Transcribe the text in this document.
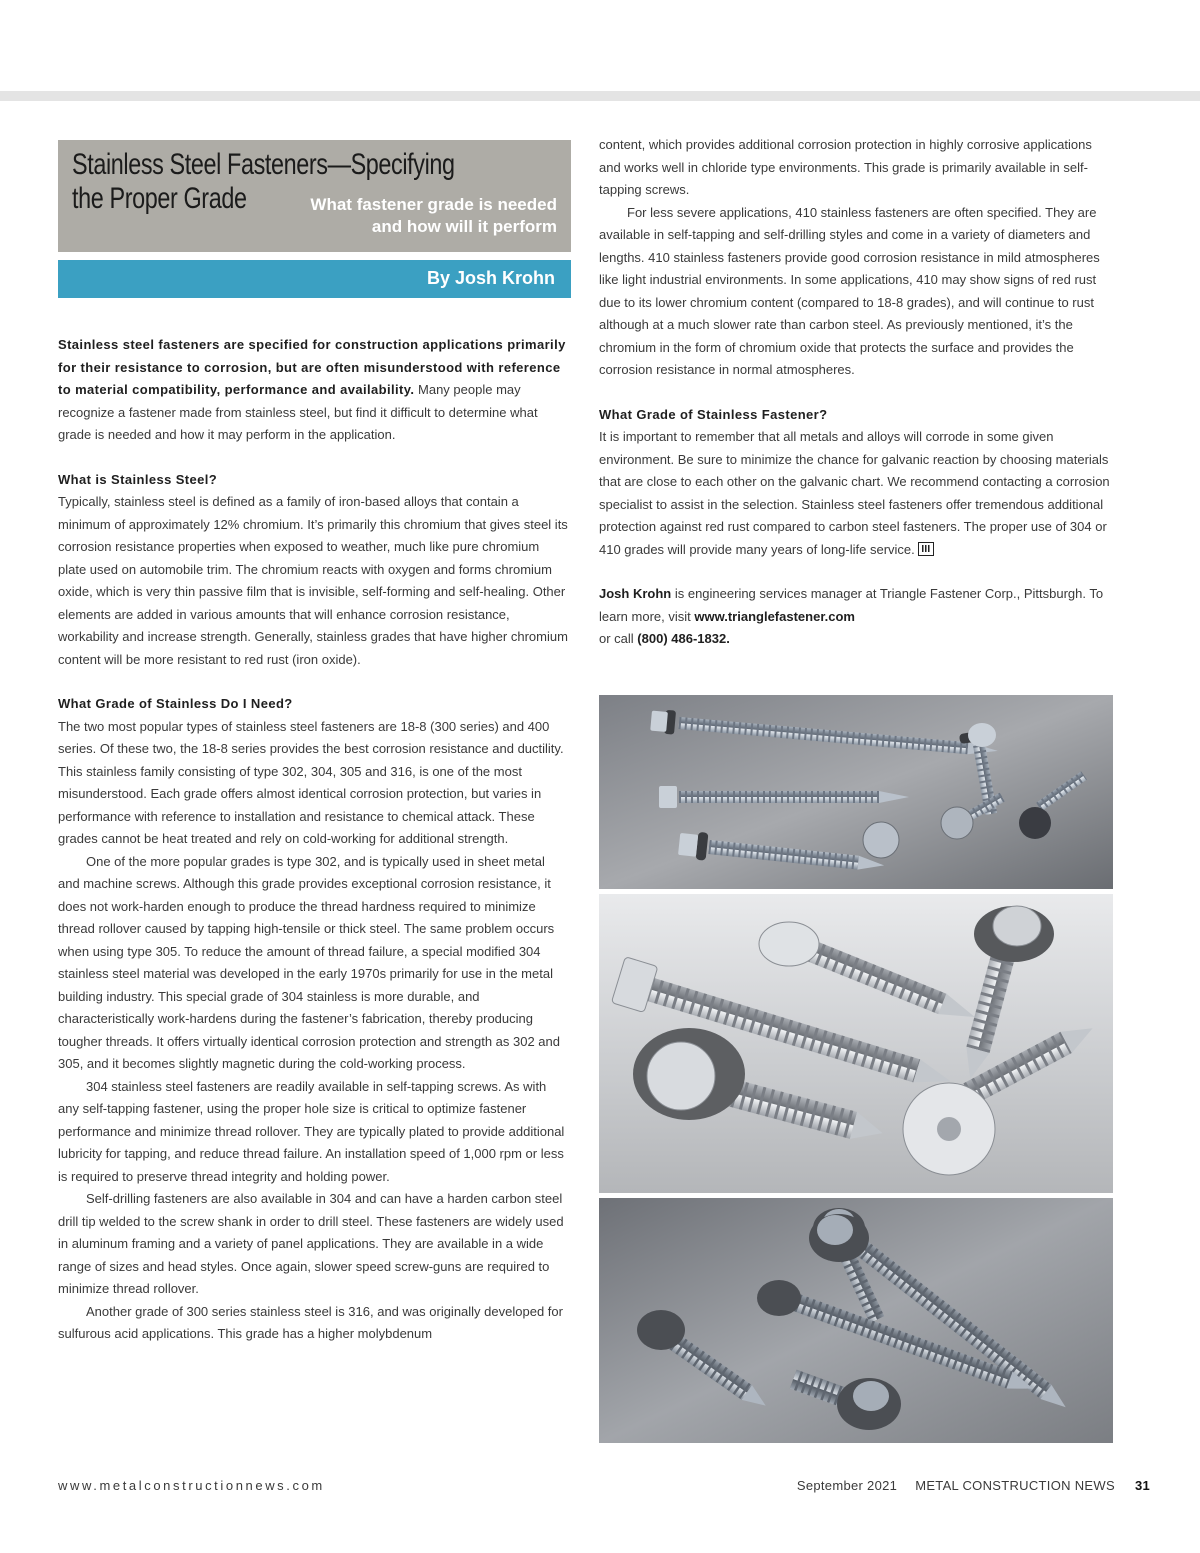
Stainless Steel Fasteners—Specifying
the Proper Grade	What fastener grade is needed
and how will it perform
By Josh Krohn

Stainless steel fasteners are specified for construction applications primarily for their resistance to corrosion, but are often misunderstood with reference to material compatibility, performance and availability. Many people may recognize a fastener made from stainless steel, but find it difficult to determine what grade is needed and how it may perform in the application.

What is Stainless Steel?

Typically, stainless steel is defined as a family of iron-based alloys that contain a minimum of approximately 12% chromium. It’s primarily this chromium that gives steel its corrosion resistance properties when exposed to weather, much like pure chromium plate used on automobile trim. The chromium reacts with oxygen and forms chromium oxide, which is very thin passive film that is invisible, self-forming and self-healing. Other elements are added in various amounts that will enhance corrosion resistance, workability and increase strength. Generally, stainless grades that have higher chromium content will be more resistant to red rust (iron oxide).

What Grade of Stainless Do I Need?

The two most popular types of stainless steel fasteners are 18-8 (300 series) and 400 series. Of these two, the 18-8 series provides the best corrosion resistance and ductility. This stainless family consisting of type 302, 304, 305 and 316, is one of the most misunderstood. Each grade offers almost identical corrosion protection, but varies in performance with reference to installation and resistance to chemical attack. These grades cannot be heat treated and rely on cold-working for additional strength.

One of the more popular grades is type 302, and is typically used in sheet metal and machine screws. Although this grade provides exceptional corrosion resistance, it does not work-harden enough to produce the thread hardness required to minimize thread rollover caused by tapping high-tensile or thick steel. The same problem occurs when using type 305. To reduce the amount of thread failure, a special modified 304 stainless steel material was developed in the early 1970s primarily for use in the metal building industry. This special grade of 304 stainless is more durable, and characteristically work-hardens during the fastener’s fabrication, thereby producing tougher threads. It offers virtually identical corrosion protection and strength as 302 and 305, and it becomes slightly magnetic during the cold-working process.

304 stainless steel fasteners are readily available in self-tapping screws. As with any self-tapping fastener, using the proper hole size is critical to optimize fastener performance and minimize thread rollover. They are typically plated to provide additional lubricity for tapping, and reduce thread failure. An installation speed of 1,000 rpm or less is required to preserve thread integrity and holding power.

Self-drilling fasteners are also available in 304 and can have a harden carbon steel drill tip welded to the screw shank in order to drill steel. These fasteners are widely used in aluminum framing and a variety of panel applications. They are available in a wide range of sizes and head styles. Once again, slower speed screw-guns are required to minimize thread rollover.

Another grade of 300 series stainless steel is 316, and was originally developed for sulfurous acid applications. This grade has a higher molybdenum

content, which provides additional corrosion protection in highly corrosive applications and works well in chloride type environments. This grade is primarily available in self-tapping screws.

For less severe applications, 410 stainless fasteners are often specified. They are available in self-tapping and self-drilling styles and come in a variety of diameters and lengths. 410 stainless fasteners provide good corrosion resistance in mild atmospheres like light industrial environments. In some applications, 410 may show signs of red rust due to its lower chromium content (compared to 18-8 grades), and will continue to rust although at a much slower rate than carbon steel. As previously mentioned, it’s the chromium in the form of chromium oxide that protects the surface and provides the corrosion resistance in normal atmospheres.

What Grade of Stainless Fastener?

It is important to remember that all metals and alloys will corrode in some given environment. Be sure to minimize the chance for galvanic reaction by choosing materials that are close to each other on the galvanic chart. We recommend contacting a corrosion specialist to assist in the selection. Stainless steel fasteners offer tremendous additional protection against red rust compared to carbon steel fasteners. The proper use of 304 or 410 grades will provide many years of long-life service.

Josh Krohn is engineering services manager at Triangle Fastener Corp., Pittsburgh. To learn more, visit www.trianglefastener.com
or call (800) 486-1832.

www.metalconstructionnews.com	September 2021 METAL CONSTRUCTION NEWS 31
